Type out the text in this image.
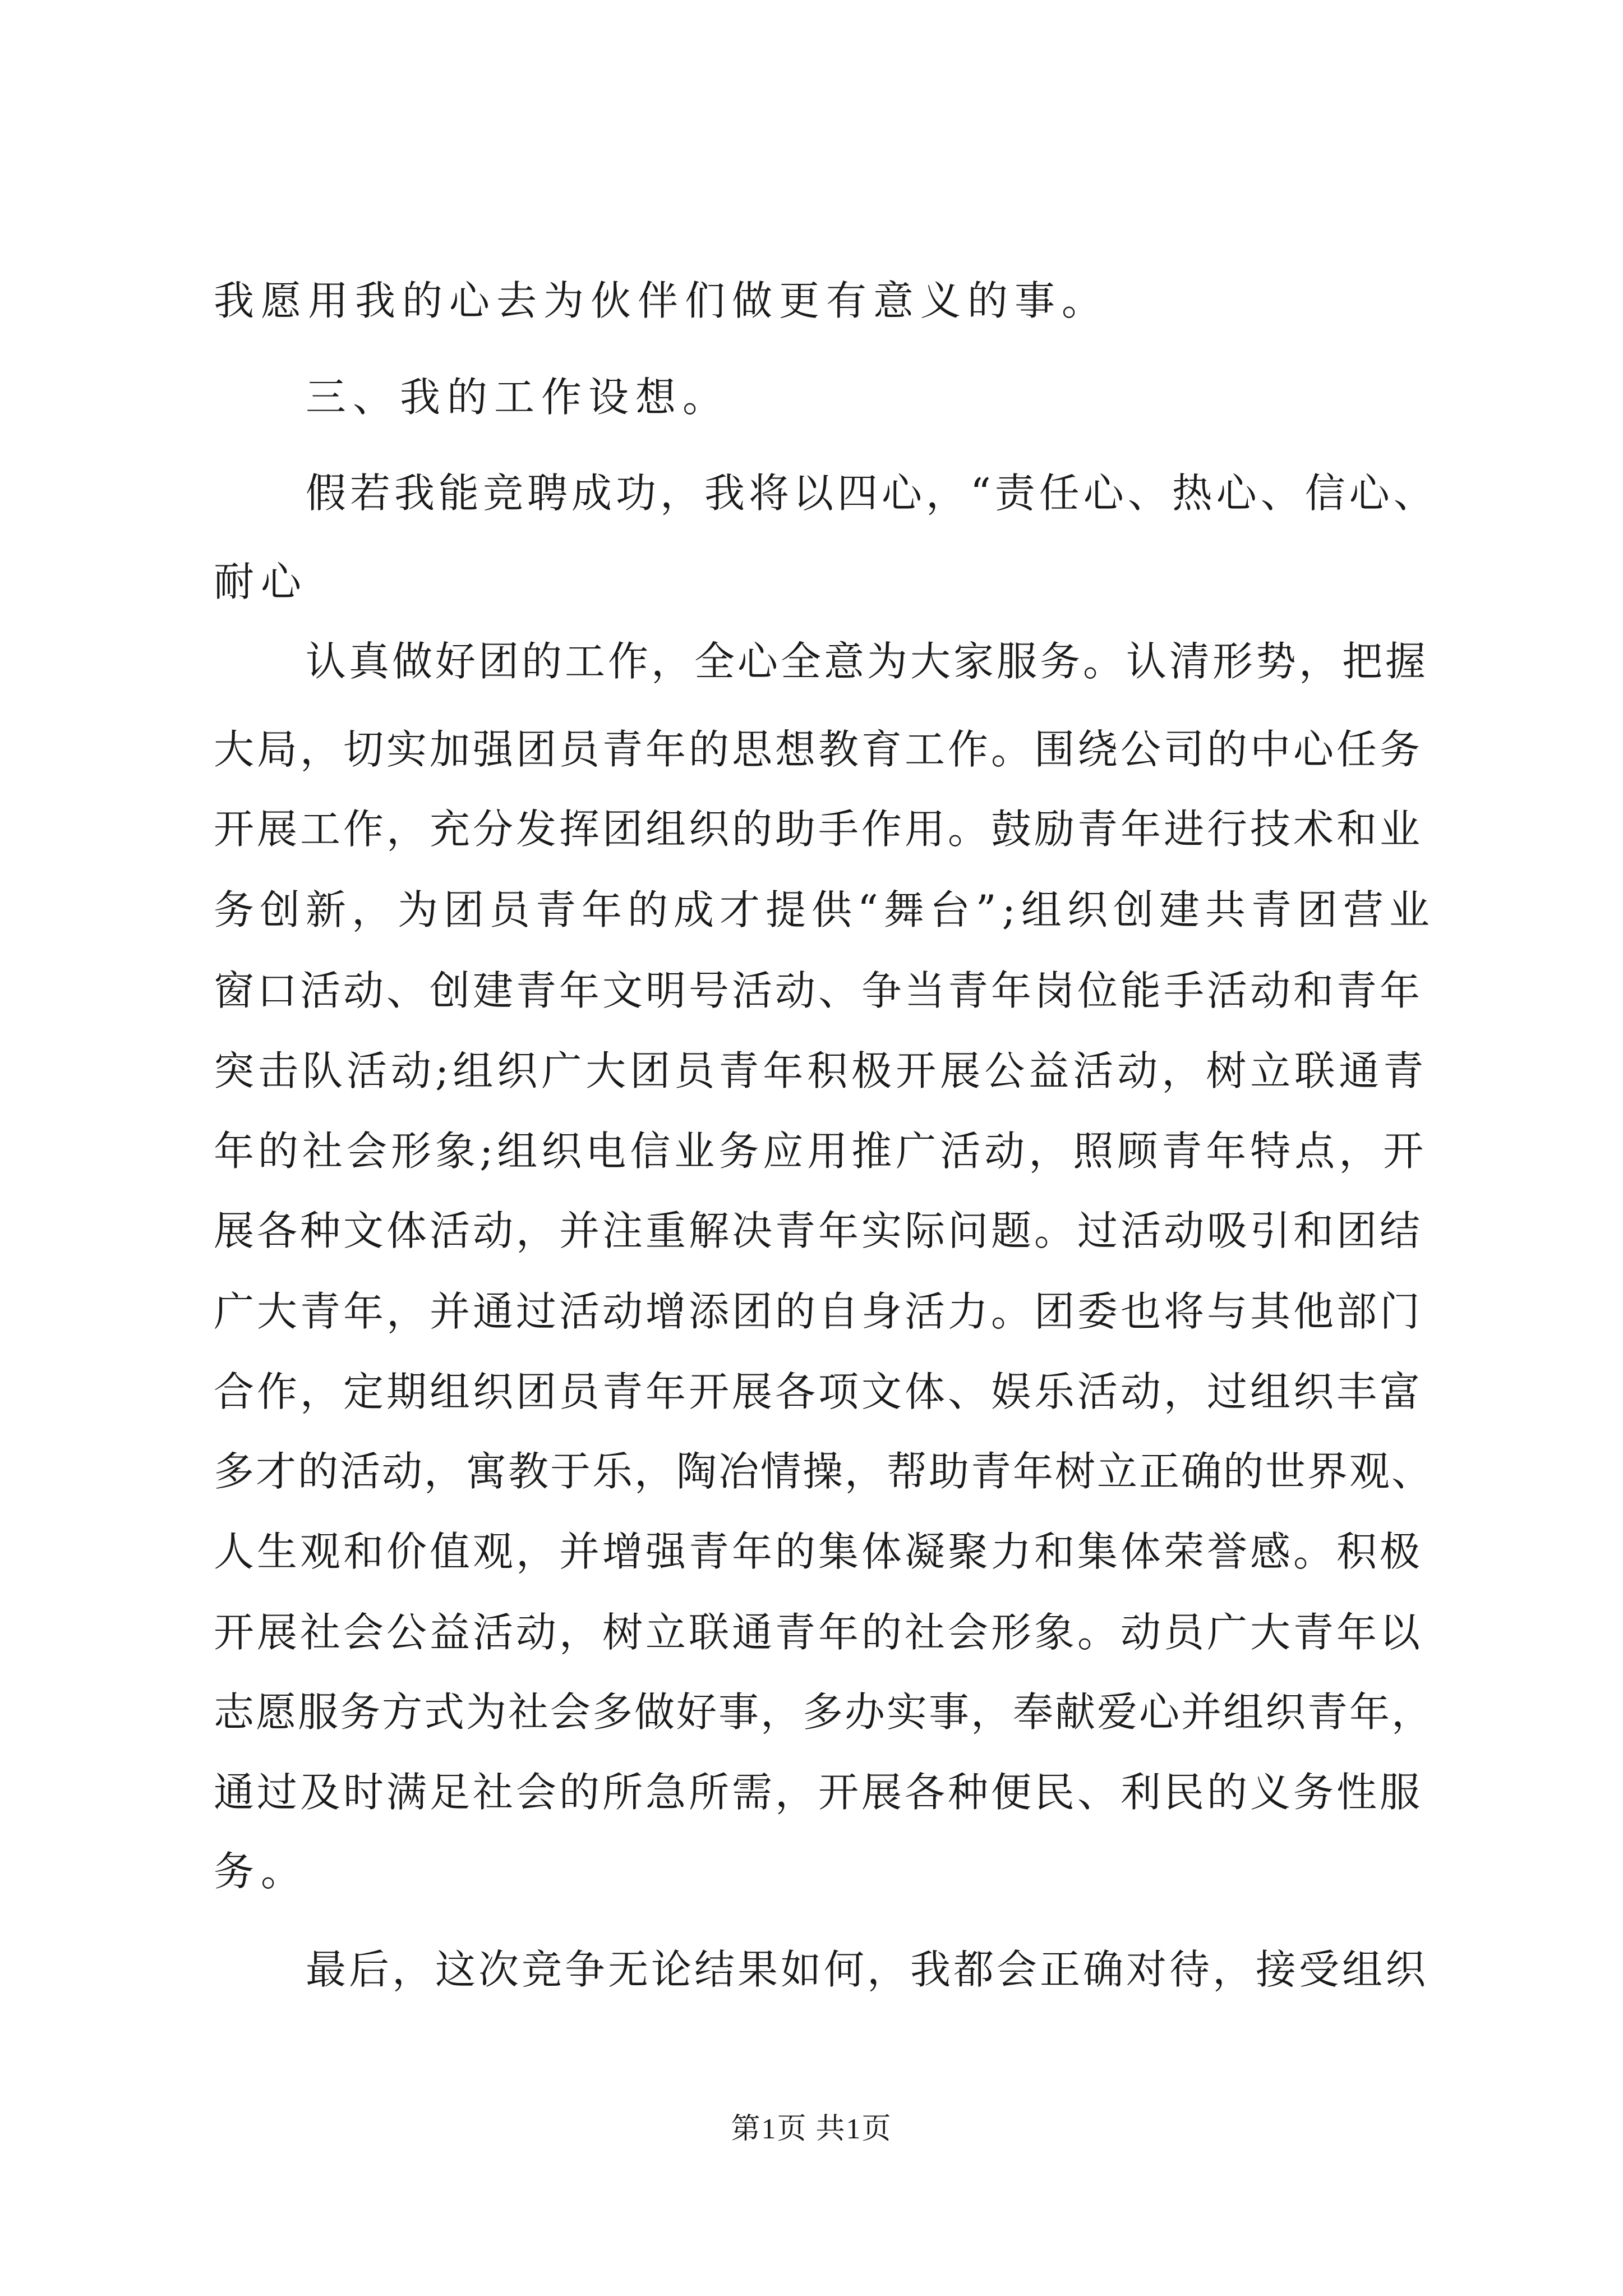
我愿用我的心去为伙伴们做更有意义的事。

三、我的工作设想。

假若我能竞聘成功，我将以四心，“责任心、热心、信心、

耐心

认真做好团的工作，全心全意为大家服务。认清形势，把握

大局，切实加强团员青年的思想教育工作。围绕公司的中心任务

开展工作，充分发挥团组织的助手作用。鼓励青年进行技术和业

务创新，为团员青年的成才提供“舞台”;组织创建共青团营业

窗口活动、创建青年文明号活动、争当青年岗位能手活动和青年

突击队活动;组织广大团员青年积极开展公益活动，树立联通青

年的社会形象;组织电信业务应用推广活动，照顾青年特点，开

展各种文体活动，并注重解决青年实际问题。过活动吸引和团结

广大青年，并通过活动增添团的自身活力。团委也将与其他部门

合作，定期组织团员青年开展各项文体、娱乐活动，过组织丰富

多才的活动，寓教于乐，陶冶情操，帮助青年树立正确的世界观、

人生观和价值观，并增强青年的集体凝聚力和集体荣誉感。积极

开展社会公益活动，树立联通青年的社会形象。动员广大青年以

志愿服务方式为社会多做好事，多办实事，奉献爱心并组织青年，

通过及时满足社会的所急所需，开展各种便民、利民的义务性服

务。

最后，这次竞争无论结果如何，我都会正确对待，接受组织

第1页 共1页
